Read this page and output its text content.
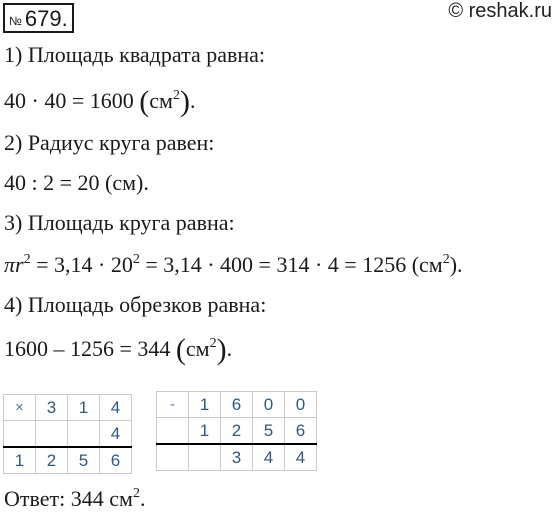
№ 679.	© reshak.ru
1) Площадь квадрата равна:
40 · 40 = 1600 $(см^2)$.
2) Радиус круга равен:
40 : 2 = 20 (см).
3) Площадь круга равна:
$\pi r^2 = 3,14 \cdot 20^2 = 3,14 \cdot 400 = 314 \cdot 4 = 1256$ $(см^2)$.
4) Площадь обрезков равна:
1600 – 1256 = 344 $(см^2)$.
×	3	1	4
			4
1	2	5	6
-	1	6	0	0
	1	2	5	6
		3	4	4
Ответ: 344 $см^2$.
